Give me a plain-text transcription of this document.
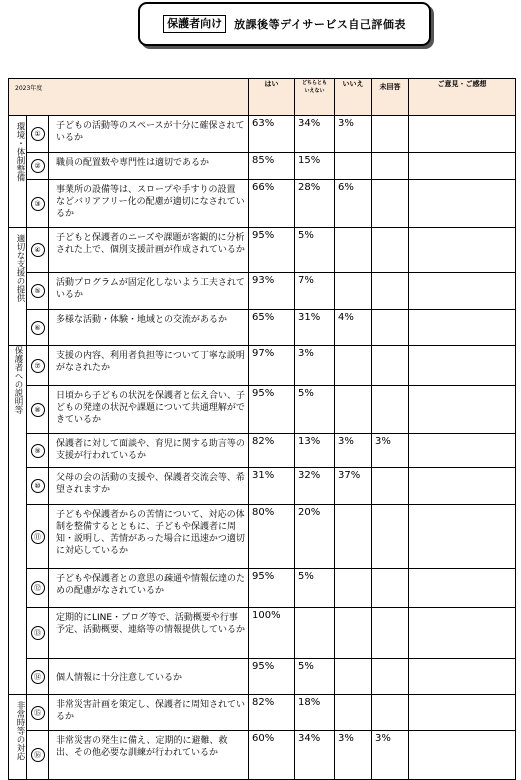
保護者向け	放課後等デイサービス自己評価表
2023年度			はい	どちらとも
いえない	いいえ	未回答	ご意見・ご感想
環境・体制整備	①	子どもの活動等のスペースが十分に確保されているか	63%	34%	3%		
	②	職員の配置数や専門性は適切であるか	85%	15%			
	③	事業所の設備等は、スロープや手すりの設置 などバリアフリー化の配慮が適切になされているか	66%	28%	6%		
適切な支援の提供	④	子どもと保護者のニーズや課題が客観的に分析された上で、個別支援計画が作成されているか	95%	5%			
	⑤	活動プログラムが固定化しないよう工夫されているか	93%	7%			
	⑥	多様な活動・体験・地域との交流があるか	65%	31%	4%		
保護者への説明等	⑦	支援の内容、利用者負担等について丁寧な説明がなされたか	97%	3%			
	⑧	日頃から子どもの状況を保護者と伝え合い、子どもの発達の状況や課題について共通理解ができているか	95%	5%			
	⑨	保護者に対して面談や、育児に関する助言等の支援が行われているか	82%	13%	3%	3%	
	⑩	父母の会の活動の支援や、保護者交流会等、希望されますか	31%	32%	37%		
	⑪	子どもや保護者からの苦情について、対応の体制を整備するとともに、子どもや保護者に周知・説明し、苦情があった場合に迅速かつ適切に対応しているか	80%	20%			
	⑫	子どもや保護者との意思の疎通や情報伝達のための配慮がなされているか	95%	5%			
	⑬	定期的にLINE・ブログ等で、活動概要や行事予定、活動概要、連絡等の情報提供しているか	100%				
	⑭	個人情報に十分注意しているか	95%	5%			
非常時等の対応	⑮	非常災害計画を策定し、保護者に周知されているか	82%	18%			
	⑯	非常災害の発生に備え、定期的に避難、救出、その他必要な訓練が行われているか	60%	34%	3%	3%	
